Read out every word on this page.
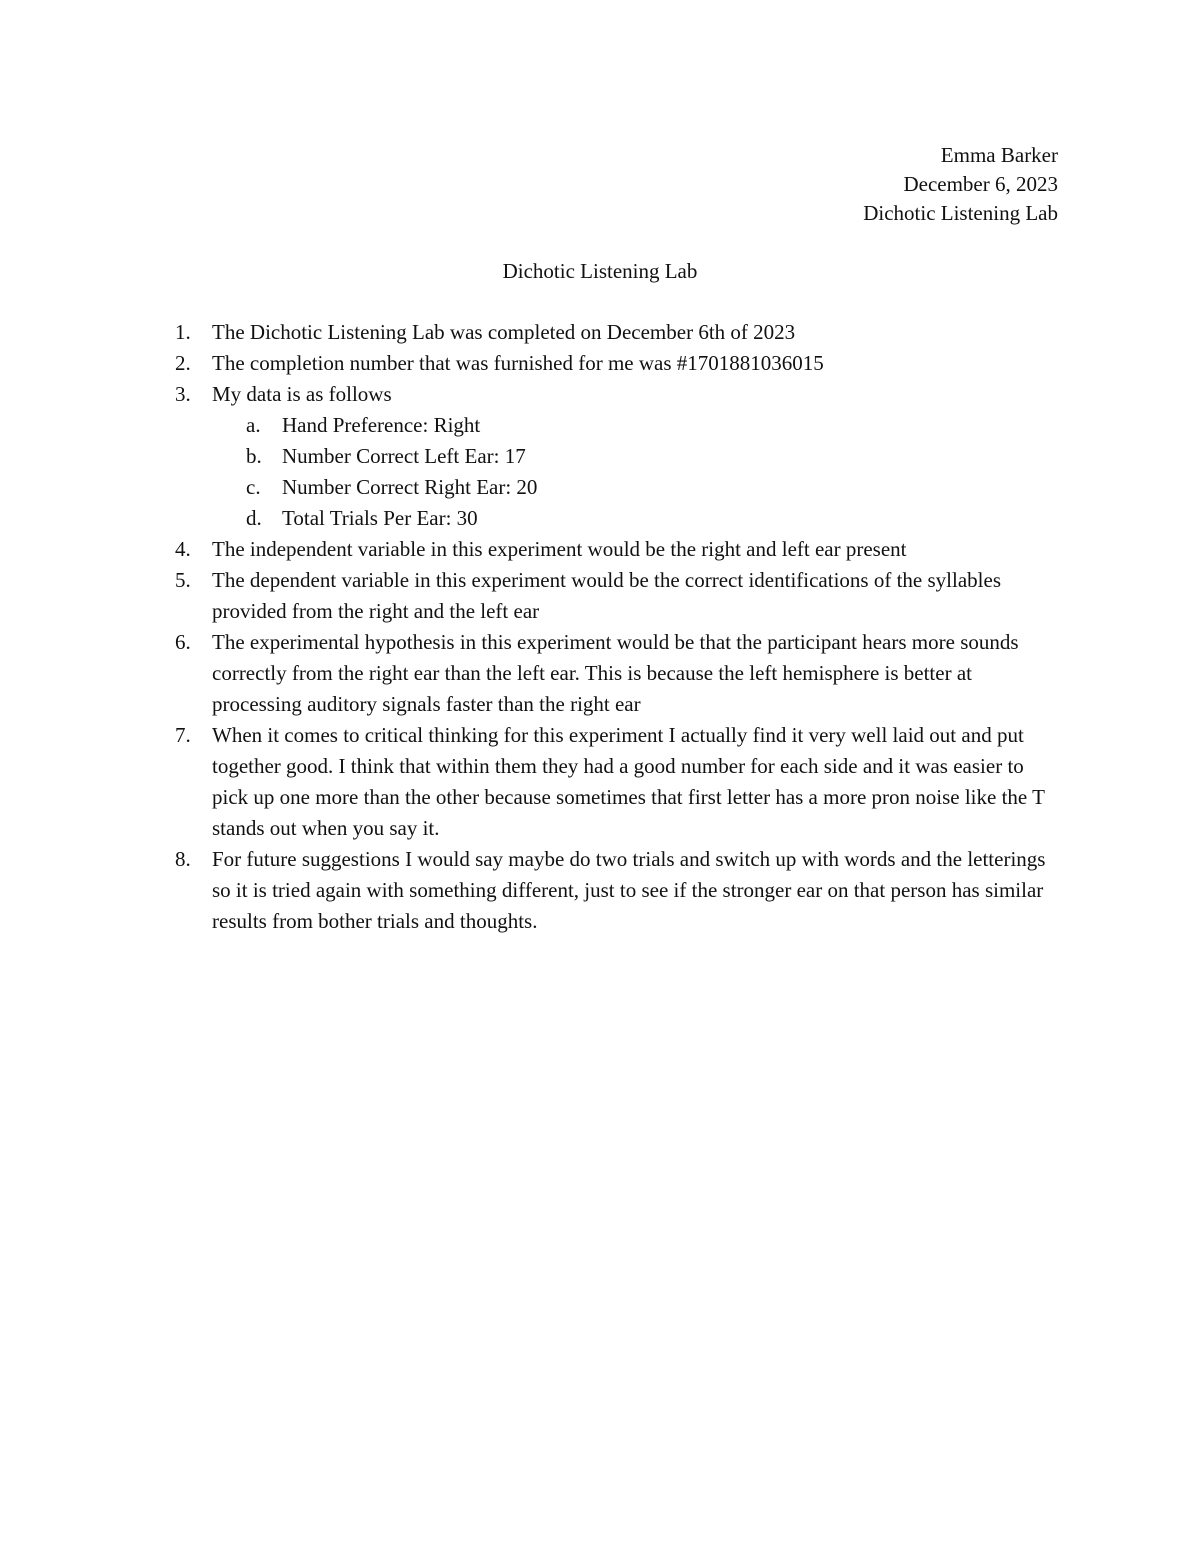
Emma Barker
December 6, 2023
Dichotic Listening Lab
Dichotic Listening Lab
1. The Dichotic Listening Lab was completed on December 6th of 2023
2. The completion number that was furnished for me was #1701881036015
3. My data is as follows
a. Hand Preference: Right
b. Number Correct Left Ear: 17
c. Number Correct Right Ear: 20
d. Total Trials Per Ear: 30
4. The independent variable in this experiment would be the right and left ear present
5. The dependent variable in this experiment would be the correct identifications of the syllables provided from the right and the left ear
6. The experimental hypothesis in this experiment would be that the participant hears more sounds correctly from the right ear than the left ear. This is because the left hemisphere is better at processing auditory signals faster than the right ear
7. When it comes to critical thinking for this experiment I actually find it very well laid out and put together good. I think that within them they had a good number for each side and it was easier to pick up one more than the other because sometimes that first letter has a more pron noise like the T stands out when you say it.
8. For future suggestions I would say maybe do two trials and switch up with words and the letterings so it is tried again with something different, just to see if the stronger ear on that person has similar results from bother trials and thoughts.
